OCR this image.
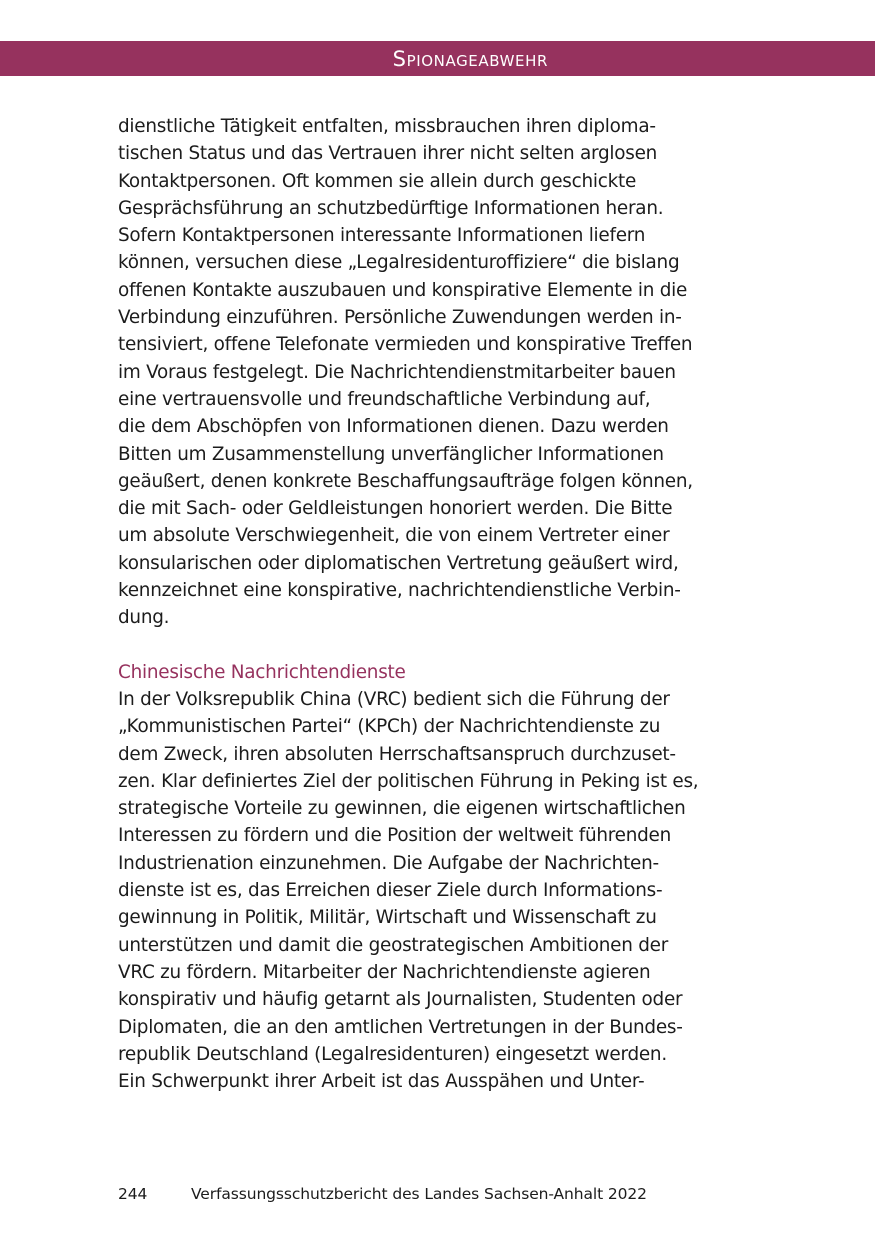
Spionageabwehr
dienstliche Tätigkeit entfalten, missbrauchen ihren diploma-
tischen Status und das Vertrauen ihrer nicht selten arglosen
Kontaktpersonen. Oft kommen sie allein durch geschickte
Gesprächsführung an schutzbedürftige Informationen heran.
Sofern Kontaktpersonen interessante Informationen liefern
können, versuchen diese „Legalresidenturoffiziere“ die bislang
offenen Kontakte auszubauen und konspirative Elemente in die
Verbindung einzuführen. Persönliche Zuwendungen werden in-
tensiviert, offene Telefonate vermieden und konspirative Treffen
im Voraus festgelegt. Die Nachrichtendienstmitarbeiter bauen
eine vertrauensvolle und freundschaftliche Verbindung auf,
die dem Abschöpfen von Informationen dienen. Dazu werden
Bitten um Zusammenstellung unverfänglicher Informationen
geäußert, denen konkrete Beschaffungsaufträge folgen können,
die mit Sach- oder Geldleistungen honoriert werden. Die Bitte
um absolute Verschwiegenheit, die von einem Vertreter einer
konsularischen oder diplomatischen Vertretung geäußert wird,
kennzeichnet eine konspirative, nachrichtendienstliche Verbin-
dung.
Chinesische Nachrichtendienste
In der Volksrepublik China (VRC) bedient sich die Führung der
„Kommunistischen Partei“ (KPCh) der Nachrichtendienste zu
dem Zweck, ihren absoluten Herrschaftsanspruch durchzuset-
zen. Klar definiertes Ziel der politischen Führung in Peking ist es,
strategische Vorteile zu gewinnen, die eigenen wirtschaftlichen
Interessen zu fördern und die Position der weltweit führenden
Industrienation einzunehmen. Die Aufgabe der Nachrichten-
dienste ist es, das Erreichen dieser Ziele durch Informations-
gewinnung in Politik, Militär, Wirtschaft und Wissenschaft zu
unterstützen und damit die geostrategischen Ambitionen der
VRC zu fördern. Mitarbeiter der Nachrichtendienste agieren
konspirativ und häufig getarnt als Journalisten, Studenten oder
Diplomaten, die an den amtlichen Vertretungen in der Bundes-
republik Deutschland (Legalresidenturen) eingesetzt werden.
Ein Schwerpunkt ihrer Arbeit ist das Ausspähen und Unter-
244	Verfassungsschutzbericht des Landes Sachsen-Anhalt 2022
